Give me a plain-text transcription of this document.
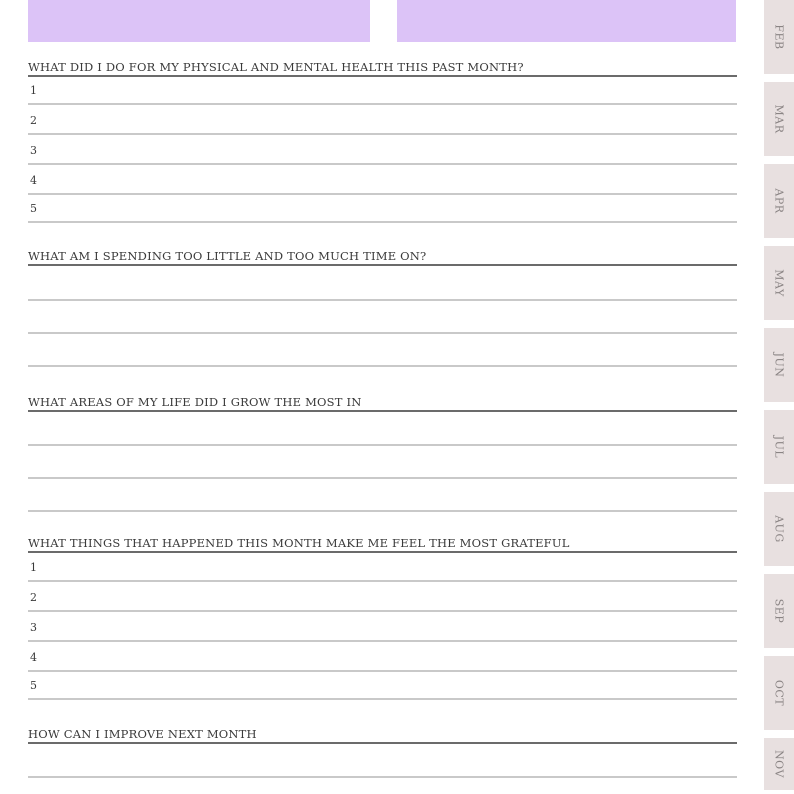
WHAT DID I DO FOR MY PHYSICAL AND MENTAL HEALTH THIS PAST MONTH?
1
2
3
4
5
WHAT AM I SPENDING TOO LITTLE AND TOO MUCH TIME ON?
WHAT AREAS OF MY LIFE DID I GROW THE MOST IN
WHAT THINGS THAT HAPPENED THIS MONTH MAKE ME FEEL THE MOST GRATEFUL
1
2
3
4
5
HOW CAN I IMPROVE NEXT MONTH
FEB
MAR
APR
MAY
JUN
JUL
AUG
SEP
OCT
NOV
